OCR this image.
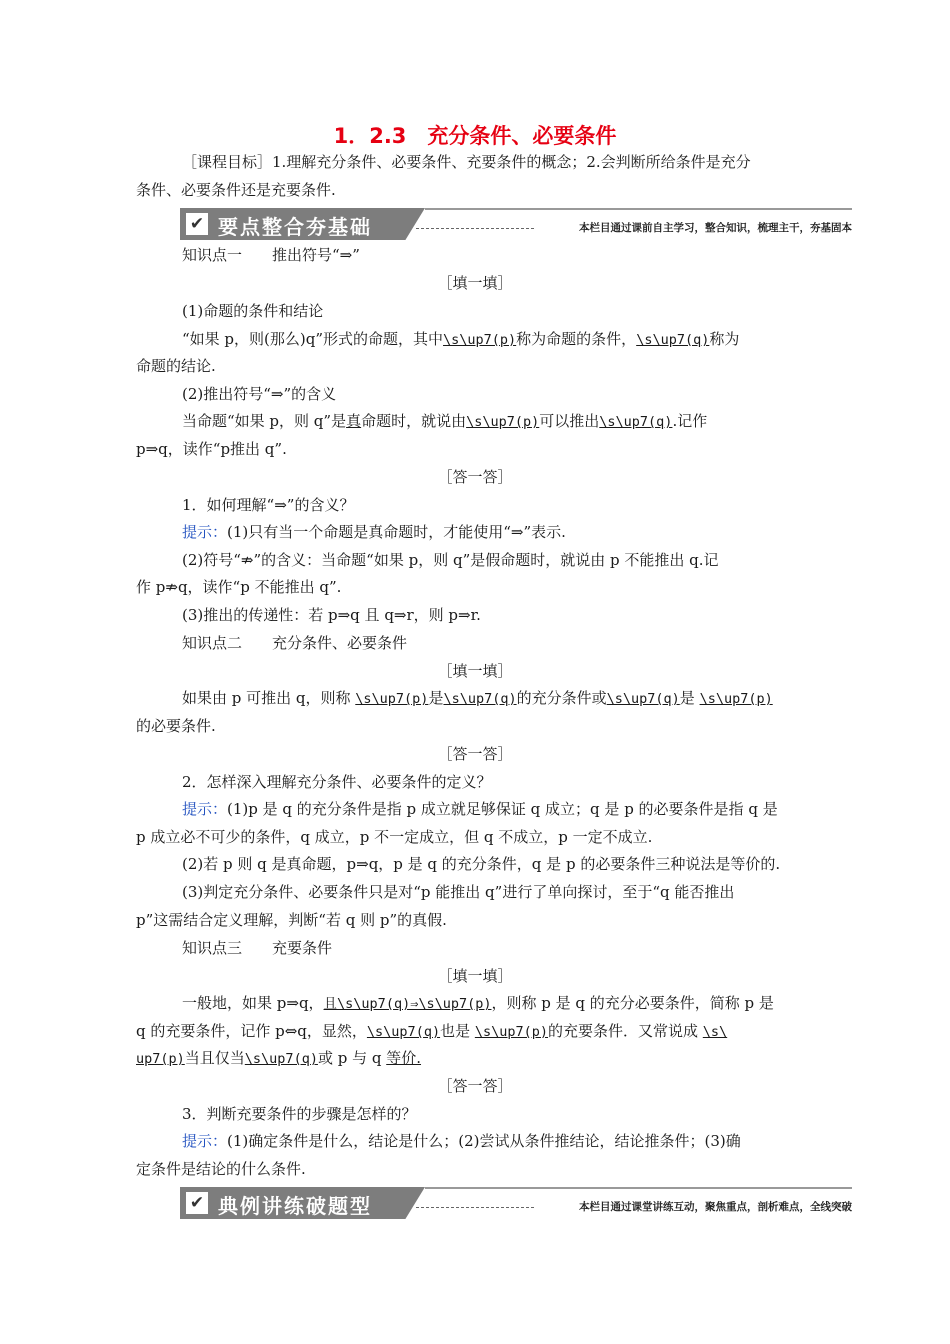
1．2.3　充分条件、必要条件
［课程目标］1.理解充分条件、必要条件、充要条件的概念；2.会判断所给条件是充分
条件、必要条件还是充要条件.
✔ 要点整合夯基础	本栏目通过课前自主学习，整合知识，梳理主干，夯基固本
知识点一　　推出符号“⇒”
［填一填］
(1)命题的条件和结论
“如果 p，则(那么)q”形式的命题，其中\s\up7(p)称为命题的条件，\s\up7(q)称为
命题的结论.
(2)推出符号“⇒”的含义
当命题“如果 p，则 q”是真命题时，就说由\s\up7(p)可以推出\s\up7(q).记作
p⇒q，读作“p推出 q”.
［答一答］
1．如何理解“⇒”的含义？
提示：(1)只有当一个命题是真命题时，才能使用“⇒”表示.
(2)符号“⇏”的含义：当命题“如果 p，则 q”是假命题时，就说由 p 不能推出 q.记
作 p⇏q，读作“p 不能推出 q”.
(3)推出的传递性：若 p⇒q 且 q⇒r，则 p⇒r.
知识点二　　充分条件、必要条件
［填一填］
如果由 p 可推出 q，则称 \s\up7(p)是\s\up7(q)的充分条件或\s\up7(q)是 \s\up7(p)
的必要条件.
［答一答］
2．怎样深入理解充分条件、必要条件的定义？
提示：(1)p 是 q 的充分条件是指 p 成立就足够保证 q 成立；q 是 p 的必要条件是指 q 是
p 成立必不可少的条件，q 成立，p 不一定成立，但 q 不成立，p 一定不成立.
(2)若 p 则 q 是真命题，p⇒q，p 是 q 的充分条件，q 是 p 的必要条件三种说法是等价的.
(3)判定充分条件、必要条件只是对“p 能推出 q”进行了单向探讨，至于“q 能否推出
p”这需结合定义理解，判断“若 q 则 p”的真假.
知识点三　　充要条件
［填一填］
一般地，如果 p⇒q，且\s\up7(q)⇒\s\up7(p)，则称 p 是 q 的充分必要条件，简称 p 是
q 的充要条件，记作 p⇔q，显然，\s\up7(q)也是 \s\up7(p)的充要条件．又常说成 \s\
up7(p)当且仅当\s\up7(q)或 p 与 q 等价.
［答一答］
3．判断充要条件的步骤是怎样的？
提示：(1)确定条件是什么，结论是什么；(2)尝试从条件推结论，结论推条件；(3)确
定条件是结论的什么条件.
✔ 典例讲练破题型	本栏目通过课堂讲练互动，聚焦重点，剖析难点，全线突破
